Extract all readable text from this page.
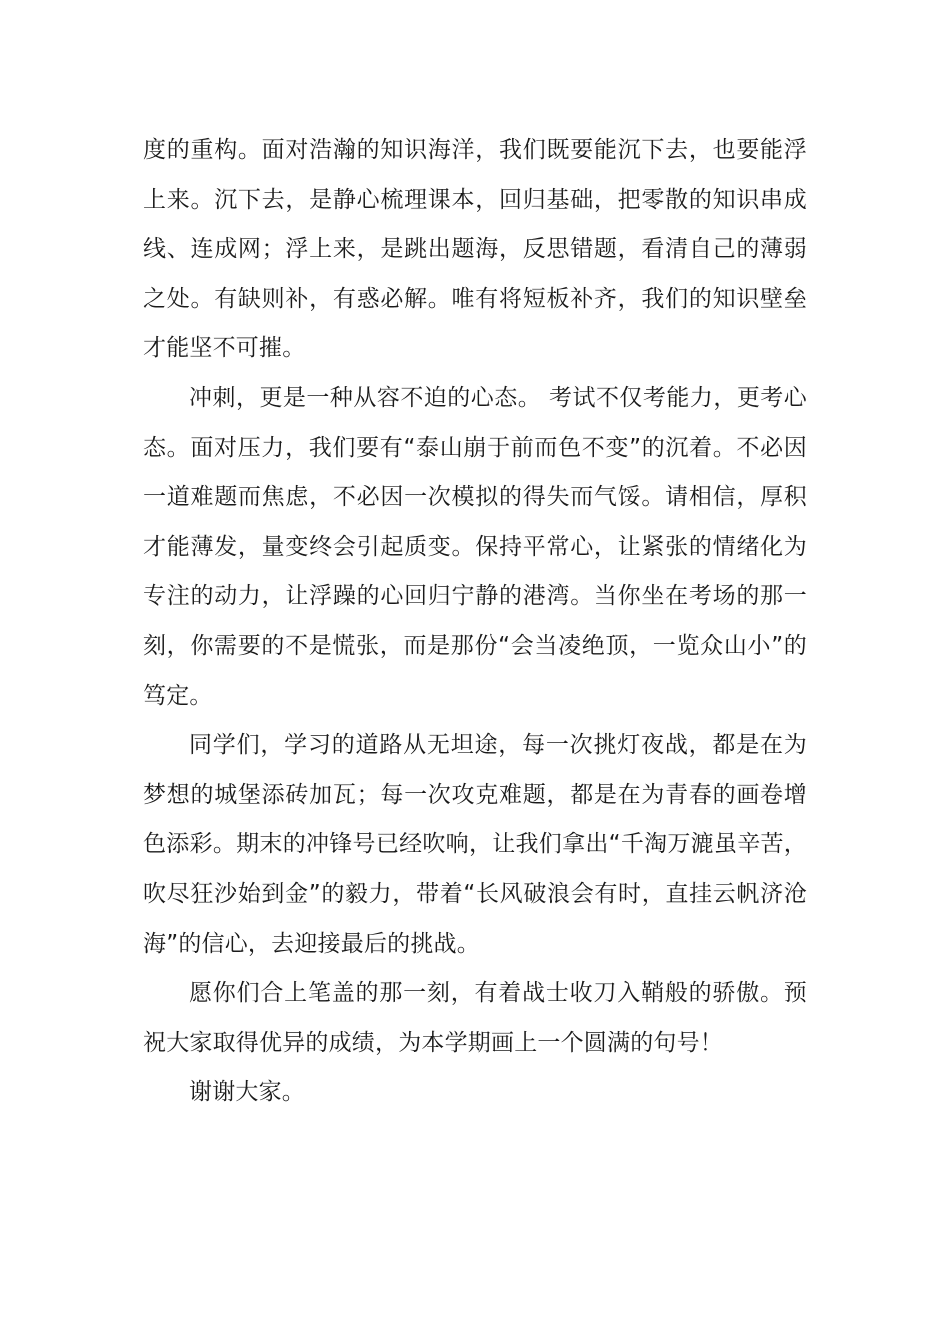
度的重构。面对浩瀚的知识海洋，我们既要能沉下去，也要能浮上来。沉下去，是静心梳理课本，回归基础，把零散的知识串成线、连成网；浮上来，是跳出题海，反思错题，看清自己的薄弱之处。有缺则补，有惑必解。唯有将短板补齐，我们的知识壁垒才能坚不可摧。

冲刺，更是一种从容不迫的心态。 考试不仅考能力，更考心态。面对压力，我们要有“泰山崩于前而色不变”的沉着。不必因一道难题而焦虑，不必因一次模拟的得失而气馁。请相信，厚积才能薄发，量变终会引起质变。保持平常心，让紧张的情绪化为专注的动力，让浮躁的心回归宁静的港湾。当你坐在考场的那一刻，你需要的不是慌张，而是那份“会当凌绝顶，一览众山小”的笃定。

同学们，学习的道路从无坦途，每一次挑灯夜战，都是在为梦想的城堡添砖加瓦；每一次攻克难题，都是在为青春的画卷增色添彩。期末的冲锋号已经吹响，让我们拿出“千淘万漉虽辛苦，吹尽狂沙始到金”的毅力，带着“长风破浪会有时，直挂云帆济沧海”的信心，去迎接最后的挑战。

愿你们合上笔盖的那一刻，有着战士收刀入鞘般的骄傲。预祝大家取得优异的成绩，为本学期画上一个圆满的句号！

谢谢大家。
